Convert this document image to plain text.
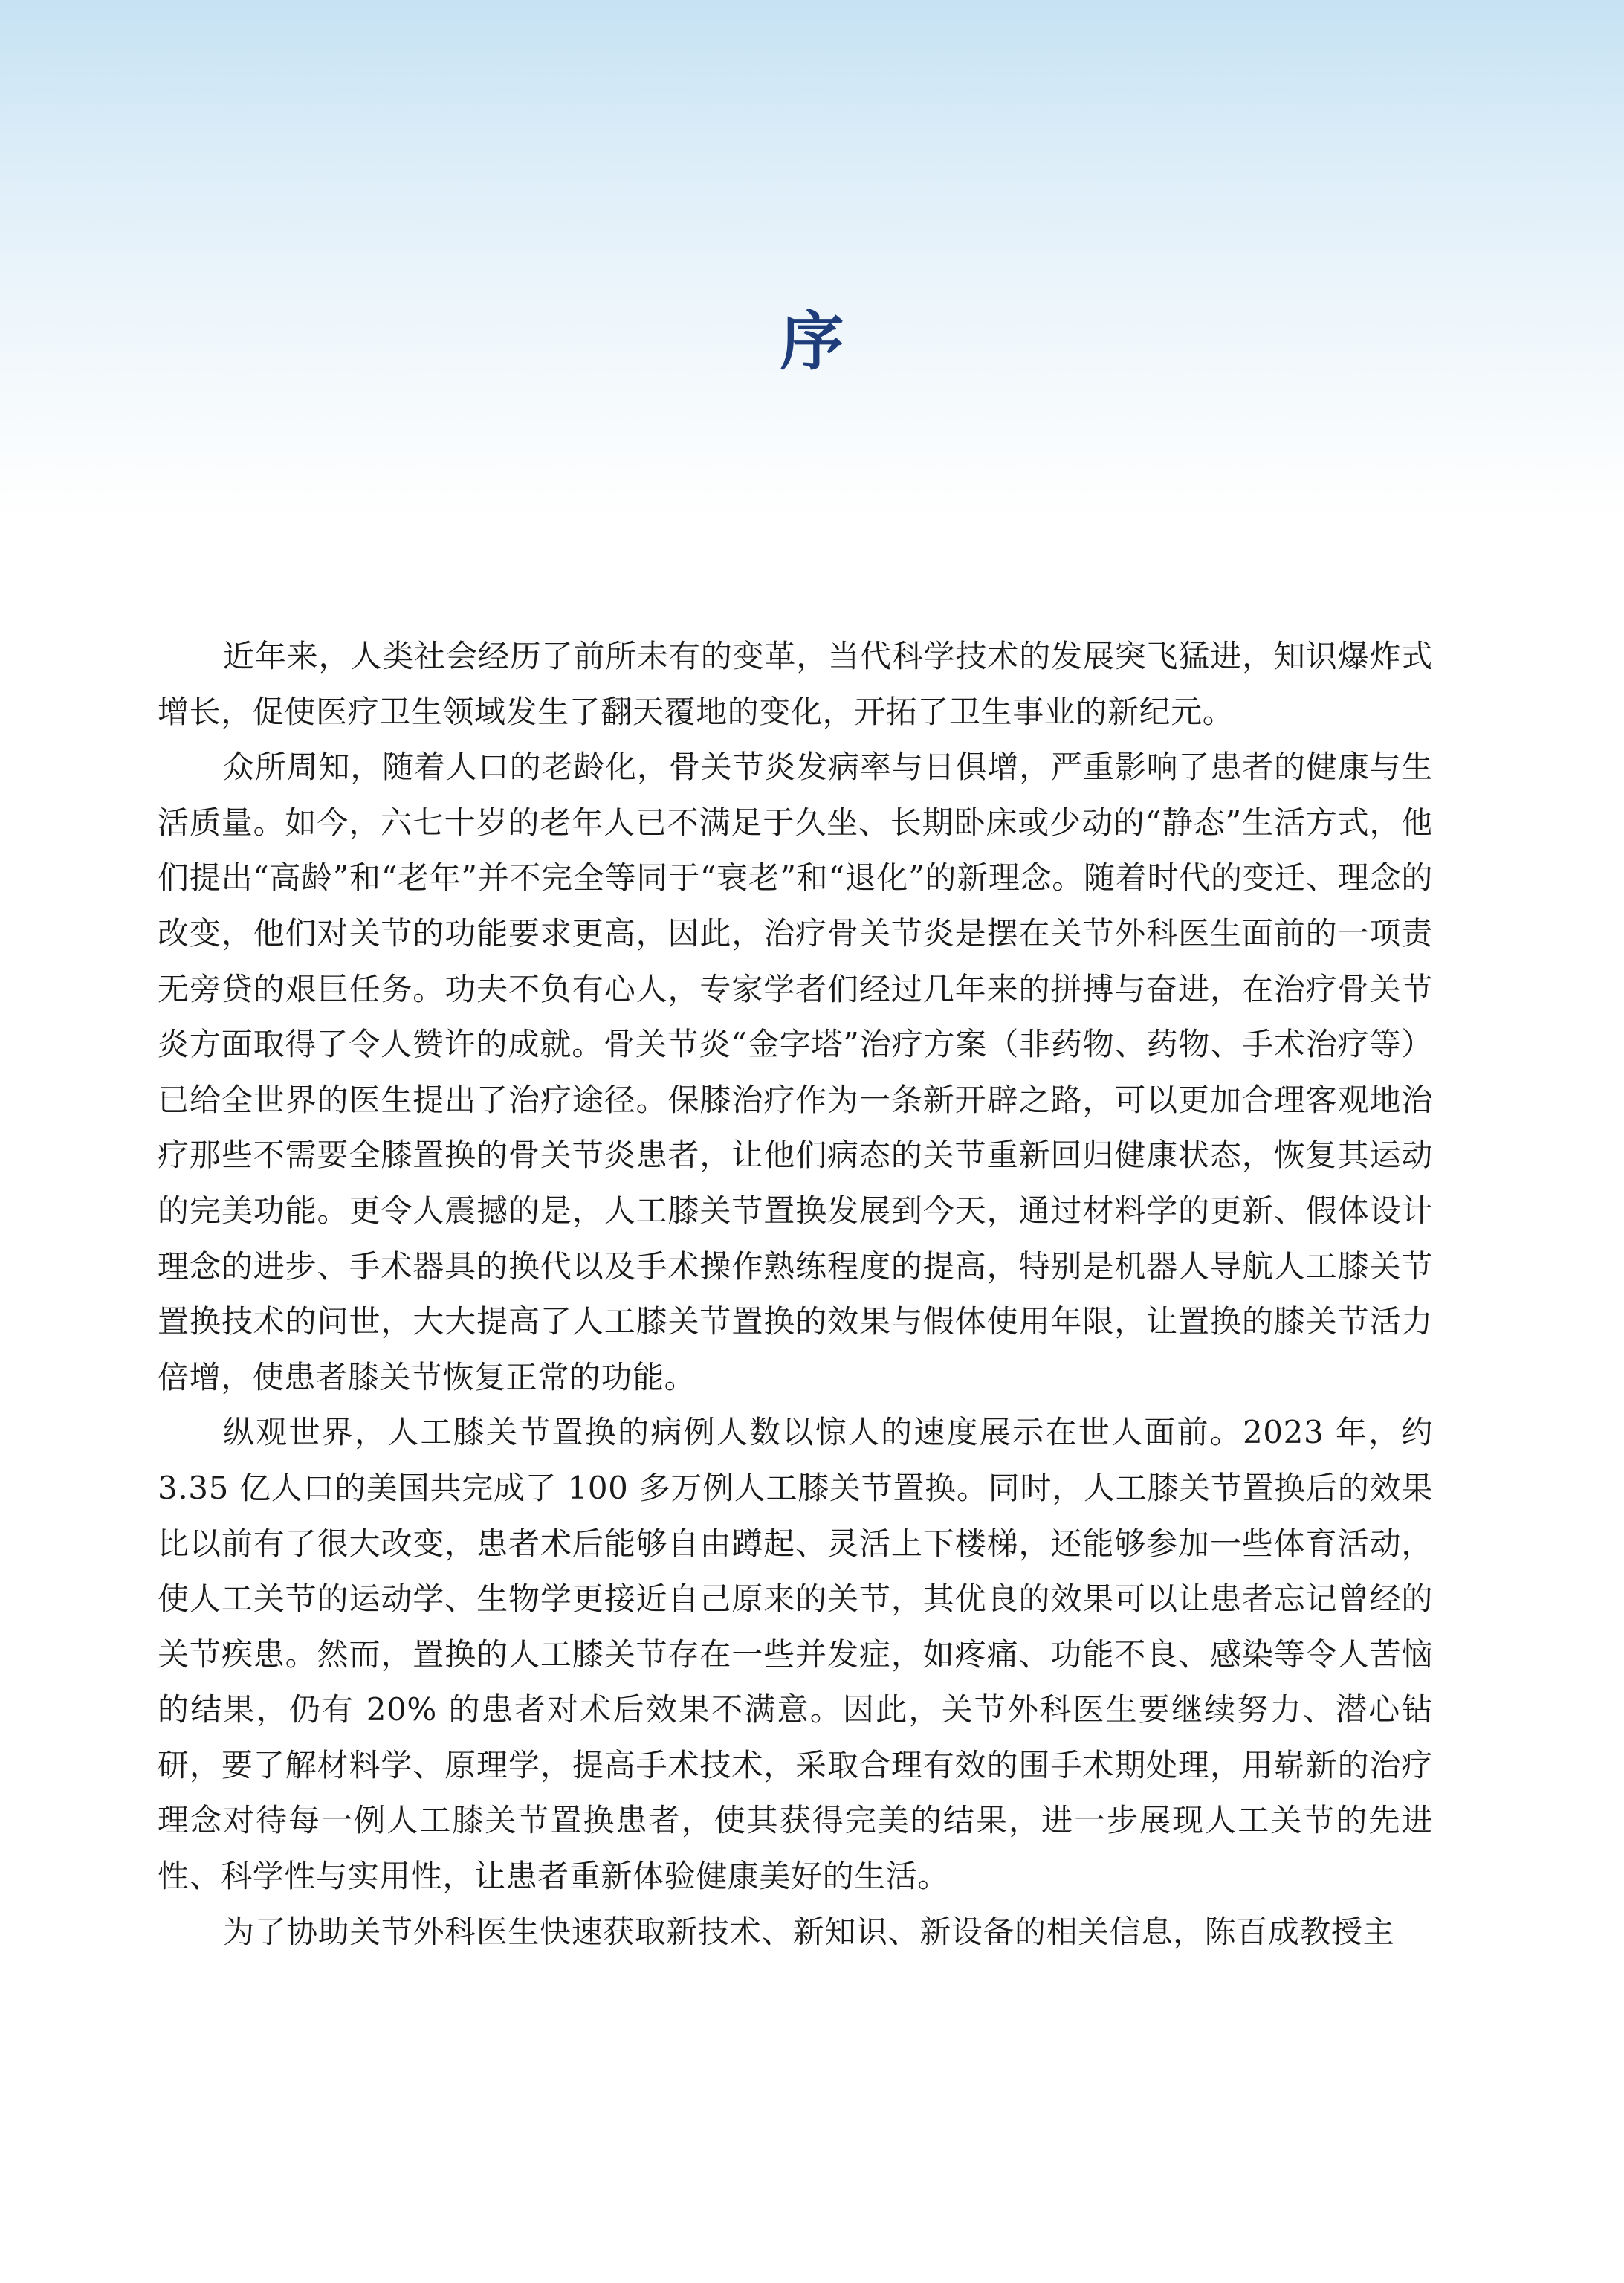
序

近年来，人类社会经历了前所未有的变革，当代科学技术的发展突飞猛进，知识爆炸式增长，促使医疗卫生领域发生了翻天覆地的变化，开拓了卫生事业的新纪元。

众所周知，随着人口的老龄化，骨关节炎发病率与日俱增，严重影响了患者的健康与生活质量。如今，六七十岁的老年人已不满足于久坐、长期卧床或少动的“静态”生活方式，他们提出“高龄”和“老年”并不完全等同于“衰老”和“退化”的新理念。随着时代的变迁、理念的改变，他们对关节的功能要求更高，因此，治疗骨关节炎是摆在关节外科医生面前的一项责无旁贷的艰巨任务。功夫不负有心人，专家学者们经过几年来的拼搏与奋进，在治疗骨关节炎方面取得了令人赞许的成就。骨关节炎“金字塔”治疗方案（非药物、药物、手术治疗等）已给全世界的医生提出了治疗途径。保膝治疗作为一条新开辟之路，可以更加合理客观地治疗那些不需要全膝置换的骨关节炎患者，让他们病态的关节重新回归健康状态，恢复其运动的完美功能。更令人震撼的是，人工膝关节置换发展到今天，通过材料学的更新、假体设计理念的进步、手术器具的换代以及手术操作熟练程度的提高，特别是机器人导航人工膝关节置换技术的问世，大大提高了人工膝关节置换的效果与假体使用年限，让置换的膝关节活力倍增，使患者膝关节恢复正常的功能。

纵观世界，人工膝关节置换的病例人数以惊人的速度展示在世人面前。2023 年，约 3.35 亿人口的美国共完成了 100 多万例人工膝关节置换。同时，人工膝关节置换后的效果比以前有了很大改变，患者术后能够自由蹲起、灵活上下楼梯，还能够参加一些体育活动，使人工关节的运动学、生物学更接近自己原来的关节，其优良的效果可以让患者忘记曾经的关节疾患。然而，置换的人工膝关节存在一些并发症，如疼痛、功能不良、感染等令人苦恼的结果，仍有 20% 的患者对术后效果不满意。因此，关节外科医生要继续努力、潜心钻研，要了解材料学、原理学，提高手术技术，采取合理有效的围手术期处理，用崭新的治疗理念对待每一例人工膝关节置换患者，使其获得完美的结果，进一步展现人工关节的先进性、科学性与实用性，让患者重新体验健康美好的生活。

为了协助关节外科医生快速获取新技术、新知识、新设备的相关信息，陈百成教授主
